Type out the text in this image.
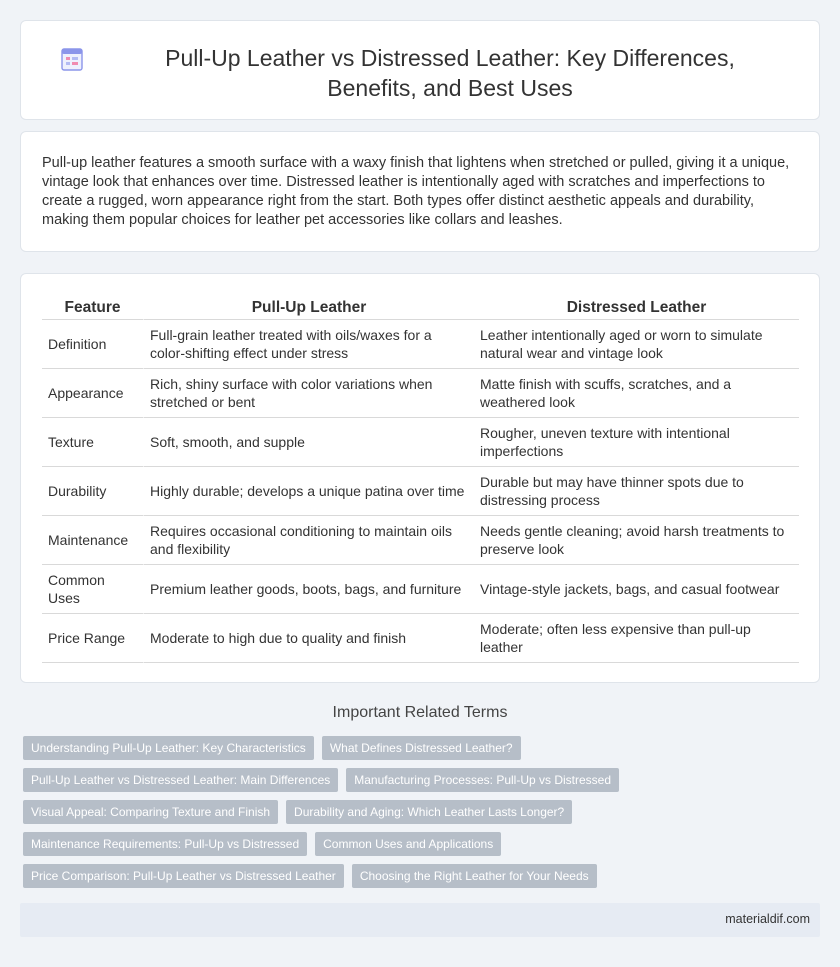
Pull-Up Leather vs Distressed Leather: Key Differences, Benefits, and Best Uses

Pull-up leather features a smooth surface with a waxy finish that lightens when stretched or pulled, giving it a unique, vintage look that enhances over time. Distressed leather is intentionally aged with scratches and imperfections to create a rugged, worn appearance right from the start. Both types offer distinct aesthetic appeals and durability, making them popular choices for leather pet accessories like collars and leashes.

Feature	Pull-Up Leather	Distressed Leather
Definition	Full-grain leather treated with oils/waxes for a color-shifting effect under stress	Leather intentionally aged or worn to simulate natural wear and vintage look
Appearance	Rich, shiny surface with color variations when stretched or bent	Matte finish with scuffs, scratches, and a weathered look
Texture	Soft, smooth, and supple	Rougher, uneven texture with intentional imperfections
Durability	Highly durable; develops a unique patina over time	Durable but may have thinner spots due to distressing process
Maintenance	Requires occasional conditioning to maintain oils and flexibility	Needs gentle cleaning; avoid harsh treatments to preserve look
Common Uses	Premium leather goods, boots, bags, and furniture	Vintage-style jackets, bags, and casual footwear
Price Range	Moderate to high due to quality and finish	Moderate; often less expensive than pull-up leather
Important Related Terms
Understanding Pull-Up Leather: Key Characteristics	What Defines Distressed Leather?
Pull-Up Leather vs Distressed Leather: Main Differences	Manufacturing Processes: Pull-Up vs Distressed
Visual Appeal: Comparing Texture and Finish	Durability and Aging: Which Leather Lasts Longer?
Maintenance Requirements: Pull-Up vs Distressed	Common Uses and Applications
Price Comparison: Pull-Up Leather vs Distressed Leather	Choosing the Right Leather for Your Needs
materialdif.com
